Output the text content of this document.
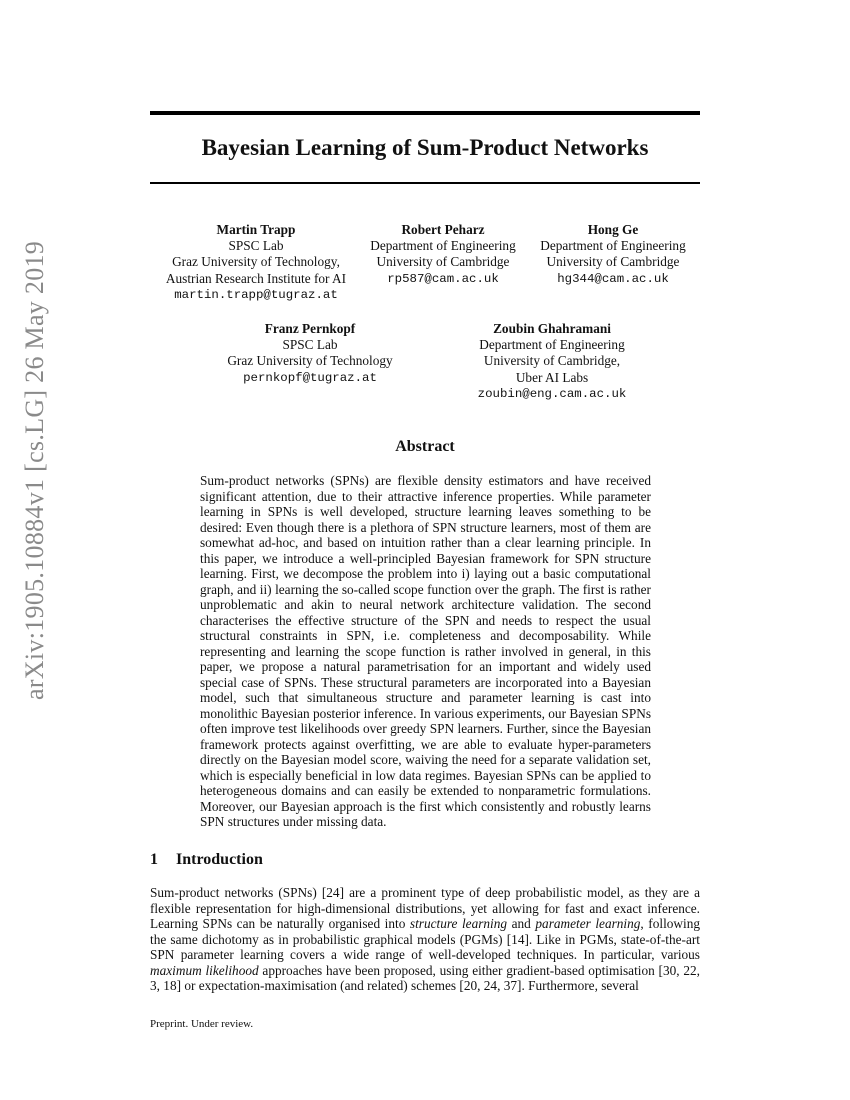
arXiv:1905.10884v1 [cs.LG] 26 May 2019
Bayesian Learning of Sum-Product Networks
Martin Trapp
SPSC Lab
Graz University of Technology,
Austrian Research Institute for AI
martin.trapp@tugraz.at
Robert Peharz
Department of Engineering
University of Cambridge
rp587@cam.ac.uk
Hong Ge
Department of Engineering
University of Cambridge
hg344@cam.ac.uk
Franz Pernkopf
SPSC Lab
Graz University of Technology
pernkopf@tugraz.at
Zoubin Ghahramani
Department of Engineering
University of Cambridge,
Uber AI Labs
zoubin@eng.cam.ac.uk
Abstract

Sum-product networks (SPNs) are flexible density estimators and have received significant attention, due to their attractive inference properties. While parameter learning in SPNs is well developed, structure learning leaves something to be desired: Even though there is a plethora of SPN structure learners, most of them are somewhat ad-hoc, and based on intuition rather than a clear learning principle. In this paper, we introduce a well-principled Bayesian framework for SPN structure learning. First, we decompose the problem into i) laying out a basic computational graph, and ii) learning the so-called scope function over the graph. The first is rather unproblematic and akin to neural network architecture validation. The second characterises the effective structure of the SPN and needs to respect the usual structural constraints in SPN, i.e. completeness and decomposability. While representing and learning the scope function is rather involved in general, in this paper, we propose a natural parametrisation for an important and widely used special case of SPNs. These structural parameters are incorporated into a Bayesian model, such that simultaneous structure and parameter learning is cast into monolithic Bayesian posterior inference. In various experiments, our Bayesian SPNs often improve test likelihoods over greedy SPN learners. Further, since the Bayesian framework protects against overfitting, we are able to evaluate hyper-parameters directly on the Bayesian model score, waiving the need for a separate validation set, which is especially beneficial in low data regimes. Bayesian SPNs can be applied to heterogeneous domains and can easily be extended to nonparametric formulations. Moreover, our Bayesian approach is the first which consistently and robustly learns SPN structures under missing data.

1 Introduction

Sum-product networks (SPNs) [24] are a prominent type of deep probabilistic model, as they are a flexible representation for high-dimensional distributions, yet allowing for fast and exact inference. Learning SPNs can be naturally organised into structure learning and parameter learning, following the same dichotomy as in probabilistic graphical models (PGMs) [14]. Like in PGMs, state-of-the-art SPN parameter learning covers a wide range of well-developed techniques. In particular, various maximum likelihood approaches have been proposed, using either gradient-based optimisation [30, 22, 3, 18] or expectation-maximisation (and related) schemes [20, 24, 37]. Furthermore, several

Preprint. Under review.
